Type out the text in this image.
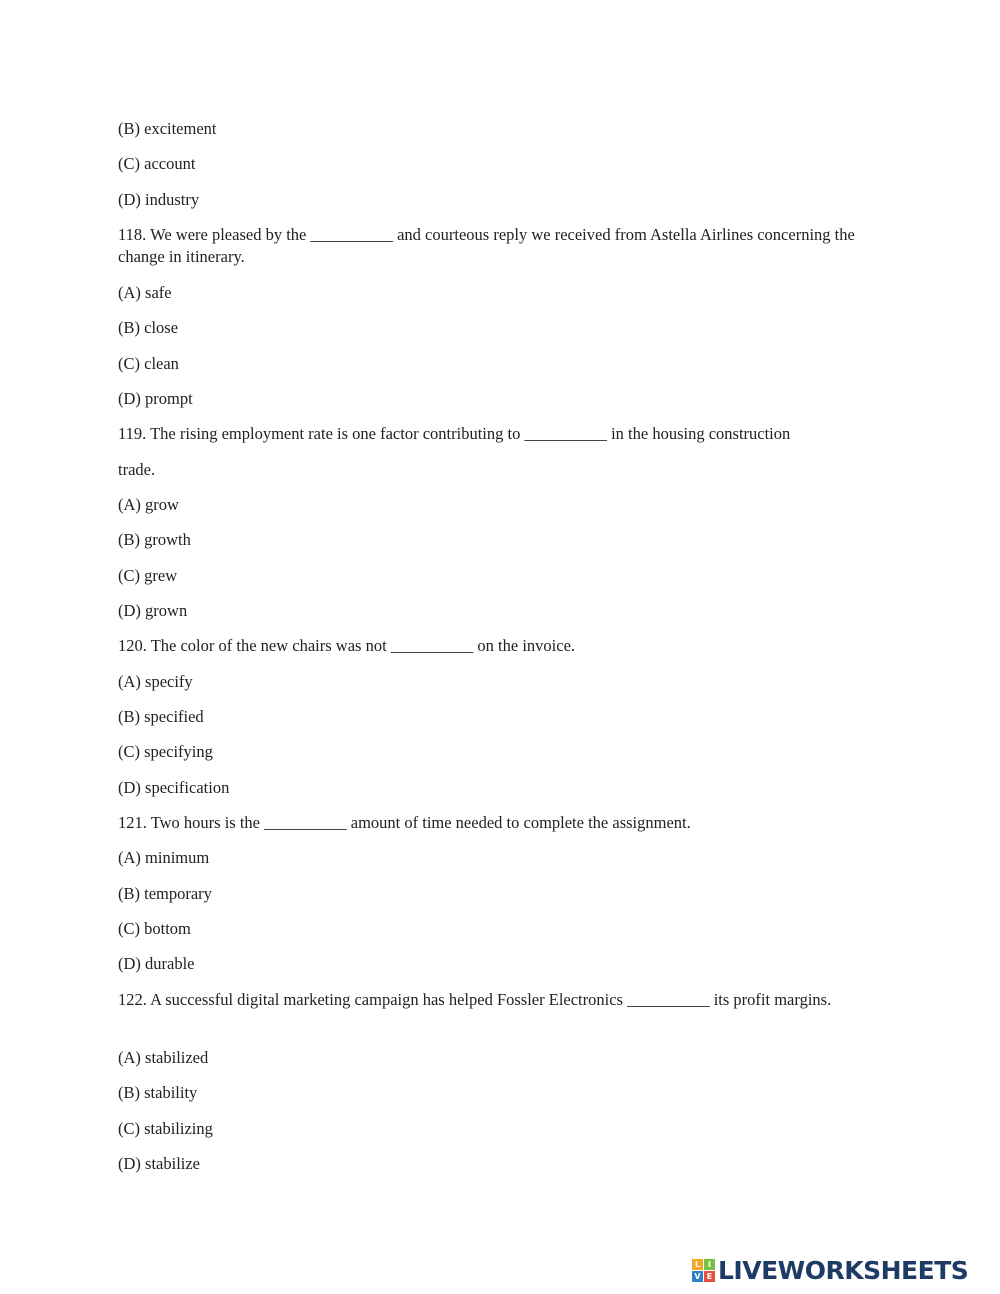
(B) excitement
(C) account
(D) industry
118. We were pleased by the __________ and courteous reply we received from Astella Airlines concerning the change in itinerary.
(A) safe
(B) close
(C) clean
(D) prompt
119. The rising employment rate is one factor contributing to __________ in the housing construction
trade.
(A) grow
(B) growth
(C) grew
(D) grown
120. The color of the new chairs was not __________ on the invoice.
(A) specify
(B) specified
(C) specifying
(D) specification
121. Two hours is the __________ amount of time needed to complete the assignment.
(A) minimum
(B) temporary
(C) bottom
(D) durable
122. A successful digital marketing campaign has helped Fossler Electronics __________ its profit margins.
(A) stabilized
(B) stability
(C) stabilizing
(D) stabilize
L I
V E LIVEWORKSHEETS
